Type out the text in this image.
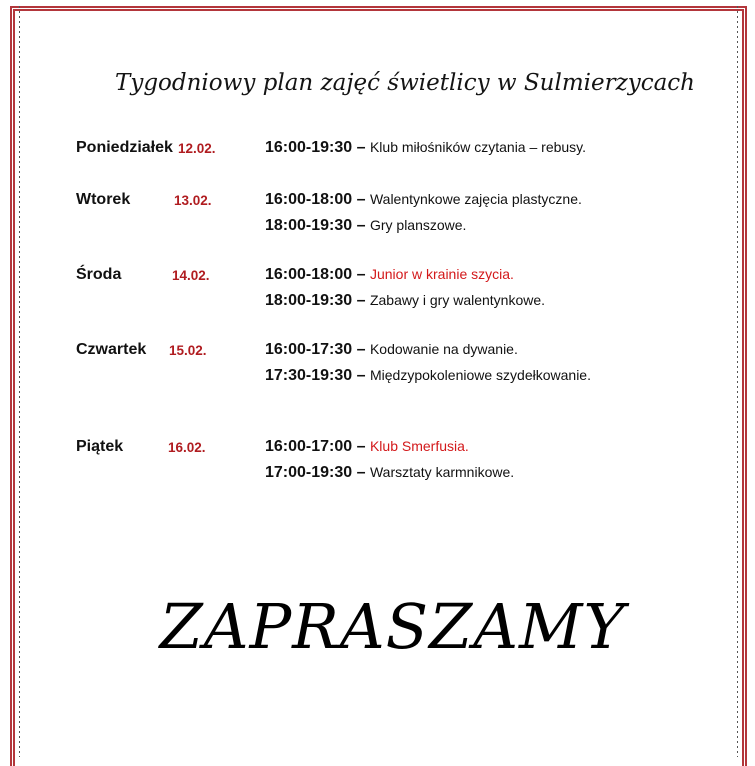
Tygodniowy plan zajęć świetlicy w Sulmierzycach
Poniedziałek 12.02.	16:00-19:30 – Klub miłośników czytania – rebusy.
Wtorek	13.02.	16:00-18:00 – Walentynkowe zajęcia plastyczne.
18:00-19:30 – Gry planszowe.
Środa	14.02.	16:00-18:00 – Junior w krainie szycia.
18:00-19:30 – Zabawy i gry walentynkowe.
Czwartek 15.02.	16:00-17:30 – Kodowanie na dywanie.
17:30-19:30 – Międzypokoleniowe szydełkowanie.
Piątek	16.02.	16:00-17:00 – Klub Smerfusia.
17:00-19:30 – Warsztaty karmnikowe.
ZAPRASZAMY
